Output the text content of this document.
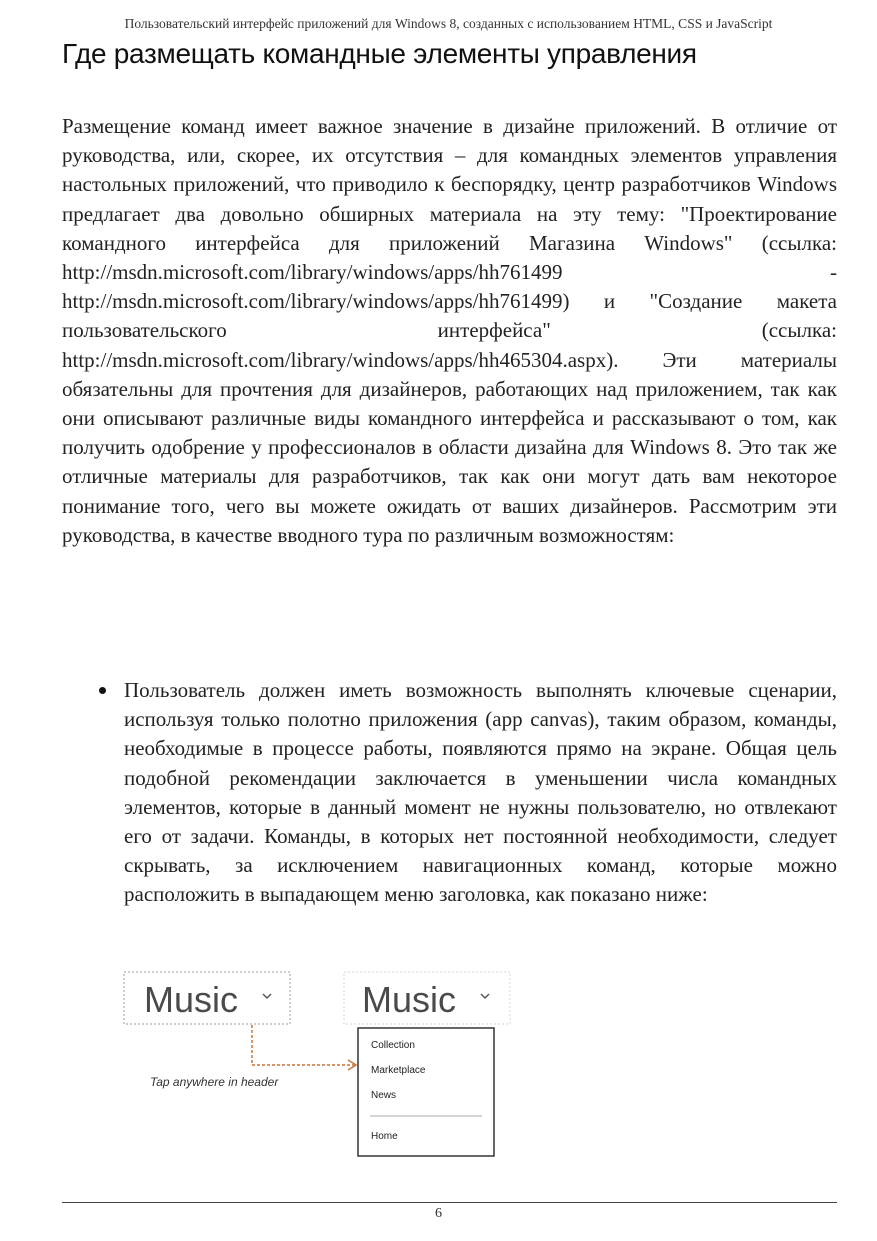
Пользовательский интерфейс приложений для Windows 8, созданных с использованием HTML, CSS и JavaScript
Где размещать командные элементы управления

Размещение команд имеет важное значение в дизайне приложений. В отличие от руководства, или, скорее, их отсутствия – для командных элементов управления настольных приложений, что приводило к беспорядку, центр разработчиков Windows предлагает два довольно обширных материала на эту тему: "Проектирование командного интерфейса для приложений Магазина Windows" (ссылка: http://msdn.microsoft.com/library/windows/apps/hh761499 - http://msdn.microsoft.com/library/windows/apps/hh761499) и "Создание макета пользовательского интерфейса" (ссылка: http://msdn.microsoft.com/library/windows/apps/hh465304.aspx). Эти материалы обязательны для прочтения для дизайнеров, работающих над приложением, так как они описывают различные виды командного интерфейса и рассказывают о том, как получить одобрение у профессионалов в области дизайна для Windows 8. Это так же отличные материалы для разработчиков, так как они могут дать вам некоторое понимание того, чего вы можете ожидать от ваших дизайнеров. Рассмотрим эти руководства, в качестве вводного тура по различным возможностям:

Пользователь должен иметь возможность выполнять ключевые сценарии, используя только полотно приложения (app canvas), таким образом, команды, необходимые в процессе работы, появляются прямо на экране. Общая цель подобной рекомендации заключается в уменьшении числа командных элементов, которые в данный момент не нужны пользователю, но отвлекают его от задачи. Команды, в которых нет постоянной необходимости, следует скрывать, за исключением навигационных команд, которые можно расположить в выпадающем меню заголовка, как показано ниже:
Music	Music
Tap anywhere in header
Collection
Marketplace
News
Home
6
